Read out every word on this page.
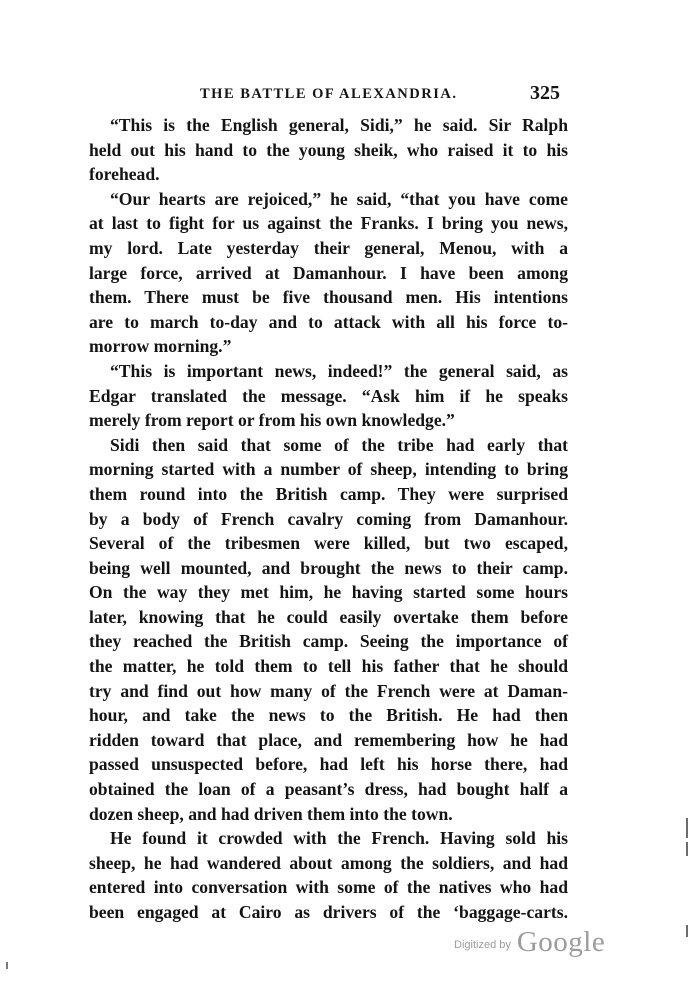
THE BATTLE OF ALEXANDRIA.	325
“This is the English general, Sidi,” he said. Sir Ralph
held out his hand to the young sheik, who raised it to his
forehead.
“Our hearts are rejoiced,” he said, “that you have come
at last to fight for us against the Franks. I bring you news,
my lord. Late yesterday their general, Menou, with a
large force, arrived at Damanhour. I have been among
them. There must be five thousand men. His intentions
are to march to-day and to attack with all his force to-
morrow morning.”
“This is important news, indeed!” the general said, as
Edgar translated the message. “Ask him if he speaks
merely from report or from his own knowledge.”
Sidi then said that some of the tribe had early that
morning started with a number of sheep, intending to bring
them round into the British camp. They were surprised
by a body of French cavalry coming from Damanhour.
Several of the tribesmen were killed, but two escaped,
being well mounted, and brought the news to their camp.
On the way they met him, he having started some hours
later, knowing that he could easily overtake them before
they reached the British camp. Seeing the importance of
the matter, he told them to tell his father that he should
try and find out how many of the French were at Daman-
hour, and take the news to the British. He had then
ridden toward that place, and remembering how he had
passed unsuspected before, had left his horse there, had
obtained the loan of a peasant’s dress, had bought half a
dozen sheep, and had driven them into the town.
He found it crowded with the French. Having sold his
sheep, he had wandered about among the soldiers, and had
entered into conversation with some of the natives who had
been engaged at Cairo as drivers of the ‘baggage-carts.
Digitized by Google
